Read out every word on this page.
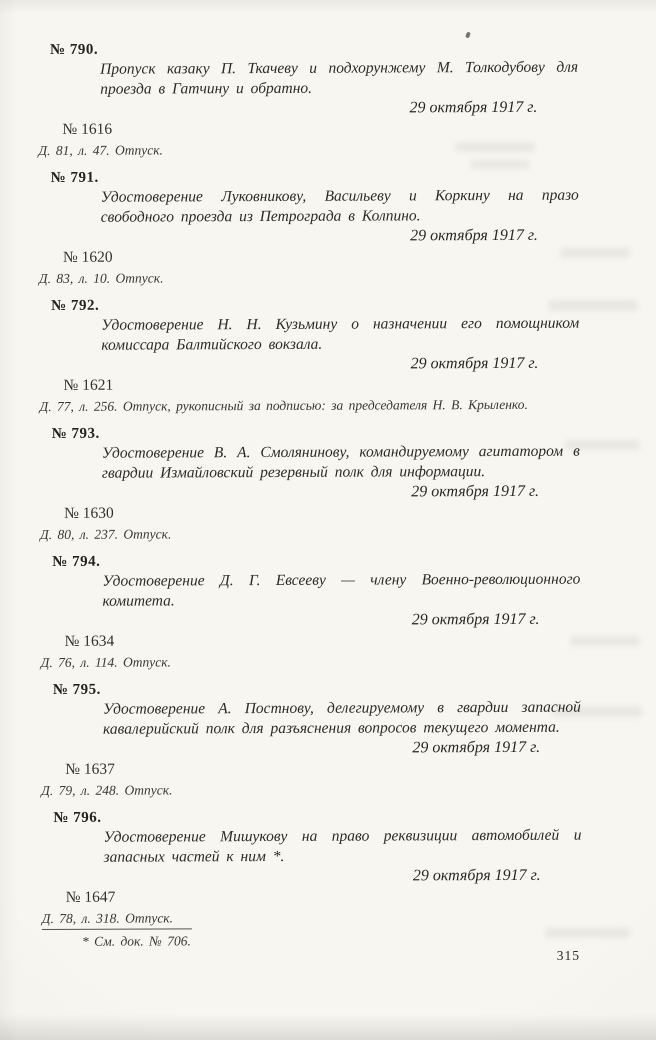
№ 790.

Пропуск казаку П. Ткачеву и подхорунжему М. Толкодубову для проезда в Гатчину и обратно.

29 октября 1917 г.
№ 1616
Д. 81, л. 47. Отпуск.
№ 791.

Удостоверение Луковникову, Васильеву и Коркину на празо свободного проезда из Петрограда в Колпино.

29 октября 1917 г.
№ 1620
Д. 83, л. 10. Отпуск.
№ 792.

Удостоверение Н. Н. Кузьмину о назначении его помощником комиссара Балтийского вокзала.

29 октября 1917 г.
№ 1621
Д. 77, л. 256. Отпуск, рукописный за подписью: за председателя Н. В. Крыленко.
№ 793.

Удостоверение В. А. Смолянинову, командируемому агитатором в гвардии Измайловский резервный полк для информации.

29 октября 1917 г.
№ 1630
Д. 80, л. 237. Отпуск.
№ 794.

Удостоверение Д. Г. Евсееву — члену Военно-революционного комитета.

29 октября 1917 г.
№ 1634
Д. 76, л. 114. Отпуск.
№ 795.

Удостоверение А. Постнову, делегируемому в гвардии запасной кавалерийский полк для разъяснения вопросов текущего момента.

29 октября 1917 г.
№ 1637
Д. 79, л. 248. Отпуск.
№ 796.

Удостоверение Мишукову на право реквизиции автомобилей и запасных частей к ним *.

29 октября 1917 г.
№ 1647
Д. 78, л. 318. Отпуск.
* См. док. № 706.
315
